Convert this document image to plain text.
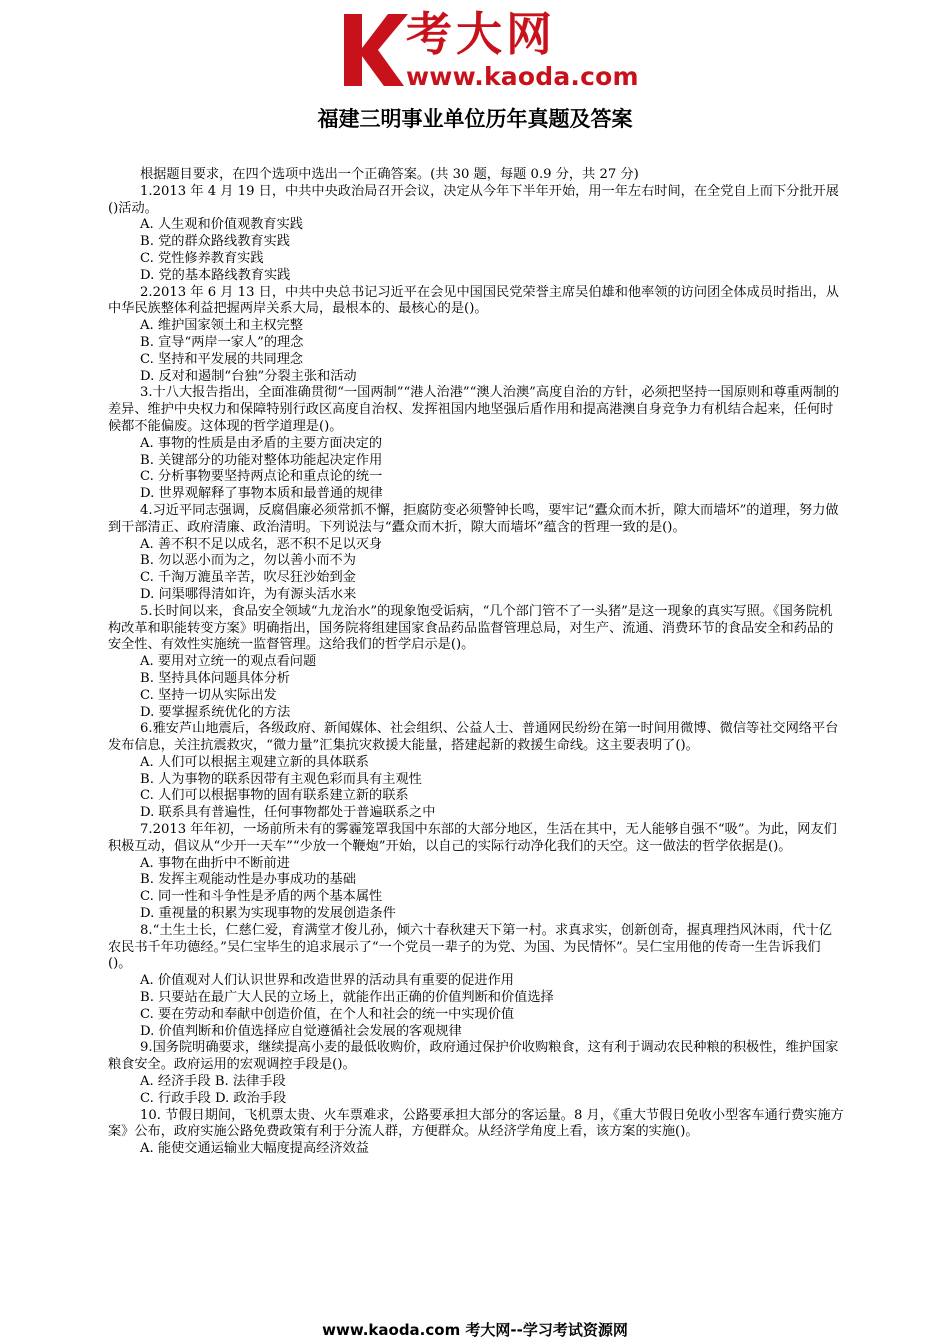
考大网
www.kaoda.com
福建三明事业单位历年真题及答案

根据题目要求，在四个选项中选出一个正确答案。(共 30 题，每题 0.9 分，共 27 分)

1.2013 年 4 月 19 日，中共中央政治局召开会议，决定从今年下半年开始，用一年左右时间，在全党自上而下分批开展()活动。

A. 人生观和价值观教育实践

B. 党的群众路线教育实践

C. 党性修养教育实践

D. 党的基本路线教育实践

2.2013 年 6 月 13 日，中共中央总书记习近平在会见中国国民党荣誉主席吴伯雄和他率领的访问团全体成员时指出，从中华民族整体利益把握两岸关系大局，最根本的、最核心的是()。

A. 维护国家领土和主权完整

B. 宣导“两岸一家人”的理念

C. 坚持和平发展的共同理念

D. 反对和遏制“台独”分裂主张和活动

3.十八大报告指出，全面准确贯彻“一国两制”“港人治港”“澳人治澳”高度自治的方针，必须把坚持一国原则和尊重两制的差异、维护中央权力和保障特别行政区高度自治权、发挥祖国内地坚强后盾作用和提高港澳自身竞争力有机结合起来，任何时候都不能偏废。这体现的哲学道理是()。

A. 事物的性质是由矛盾的主要方面决定的

B. 关键部分的功能对整体功能起决定作用

C. 分析事物要坚持两点论和重点论的统一

D. 世界观解释了事物本质和最普通的规律

4.习近平同志强调，反腐倡廉必须常抓不懈，拒腐防变必须警钟长鸣，要牢记“蠹众而木折，隙大而墙坏”的道理，努力做到干部清正、政府清廉、政治清明。下列说法与“蠹众而木折，隙大而墙坏”蕴含的哲理一致的是()。

A. 善不积不足以成名，恶不积不足以灭身

B. 勿以恶小而为之，勿以善小而不为

C. 千淘万漉虽辛苦，吹尽狂沙始到金

D. 问渠哪得清如许，为有源头活水来

5.长时间以来，食品安全领域“九龙治水”的现象饱受诟病，“几个部门管不了一头猪”是这一现象的真实写照。《国务院机构改革和职能转变方案》明确指出，国务院将组建国家食品药品监督管理总局，对生产、流通、消费环节的食品安全和药品的安全性、有效性实施统一监督管理。这给我们的哲学启示是()。

A. 要用对立统一的观点看问题

B. 坚持具体问题具体分析

C. 坚持一切从实际出发

D. 要掌握系统优化的方法

6.雅安芦山地震后，各级政府、新闻媒体、社会组织、公益人士、普通网民纷纷在第一时间用微博、微信等社交网络平台发布信息，关注抗震救灾，“微力量”汇集抗灾救援大能量，搭建起新的救援生命线。这主要表明了()。

A. 人们可以根据主观建立新的具体联系

B. 人为事物的联系因带有主观色彩而具有主观性

C. 人们可以根据事物的固有联系建立新的联系

D. 联系具有普遍性，任何事物都处于普遍联系之中

7.2013 年年初，一场前所未有的雾霾笼罩我国中东部的大部分地区，生活在其中，无人能够自强不“吸”。为此，网友们积极互动，倡议从“少开一天车”“少放一个鞭炮”开始，以自己的实际行动净化我们的天空。这一做法的哲学依据是()。

A. 事物在曲折中不断前进

B. 发挥主观能动性是办事成功的基础

C. 同一性和斗争性是矛盾的两个基本属性

D. 重视量的积累为实现事物的发展创造条件

8.“土生土长，仁慈仁爱，育满堂才俊儿孙，倾六十春秋建天下第一村。求真求实，创新创奇，握真理挡风沐雨，代十亿农民书千年功德经。”吴仁宝毕生的追求展示了“一个党员一辈子的为党、为国、为民情怀”。吴仁宝用他的传奇一生告诉我们()。

A. 价值观对人们认识世界和改造世界的活动具有重要的促进作用

B. 只要站在最广大人民的立场上，就能作出正确的价值判断和价值选择

C. 要在劳动和奉献中创造价值，在个人和社会的统一中实现价值

D. 价值判断和价值选择应自觉遵循社会发展的客观规律

9.国务院明确要求，继续提高小麦的最低收购价，政府通过保护价收购粮食，这有利于调动农民种粮的积极性，维护国家粮食安全。政府运用的宏观调控手段是()。

A. 经济手段 B. 法律手段

C. 行政手段 D. 政治手段

10. 节假日期间，飞机票太贵、火车票难求，公路要承担大部分的客运量。8 月，《重大节假日免收小型客车通行费实施方案》公布，政府实施公路免费政策有利于分流人群，方便群众。从经济学角度上看，该方案的实施()。

A. 能使交通运输业大幅度提高经济效益

www.kaoda.com 考大网--学习考试资源网
